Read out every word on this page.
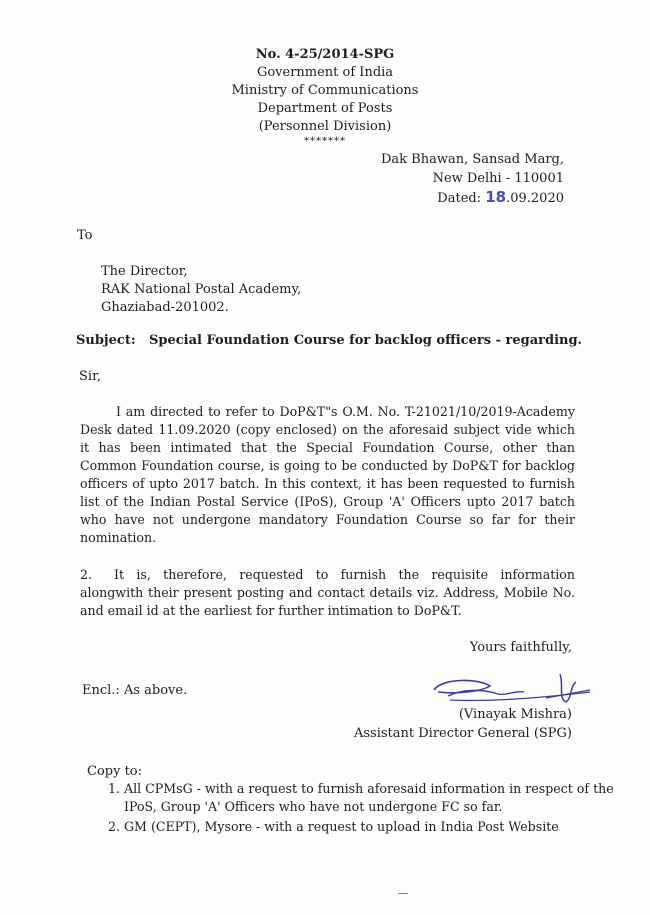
No. 4-25/2014-SPG
Government of India
Ministry of Communications
Department of Posts
(Personnel Division)
*******
Dak Bhawan, Sansad Marg,
New Delhi - 110001
Dated: 18.09.2020
To
The Director,
RAK National Postal Academy,
Ghaziabad-201002.
Subject: Special Foundation Course for backlog officers - regarding.
Sir,

I am directed to refer to DoP&T"s O.M. No. T-21021/10/2019-Academy Desk dated 11.09.2020 (copy enclosed) on the aforesaid subject vide which it has been intimated that the Special Foundation Course, other than Common Foundation course, is going to be conducted by DoP&T for backlog officers of upto 2017 batch. In this context, it has been requested to furnish list of the Indian Postal Service (IPoS), Group 'A' Officers upto 2017 batch who have not undergone mandatory Foundation Course so far for their nomination.

2. It is, therefore, requested to furnish the requisite information alongwith their present posting and contact details viz. Address, Mobile No. and email id at the earliest for further intimation to DoP&T.

Yours faithfully,
Encl.: As above.
(Vinayak Mishra)
Assistant Director General (SPG)
Copy to:
1. All CPMsG - with a request to furnish aforesaid information in respect of the IPoS, Group 'A' Officers who have not undergone FC so far.
2. GM (CEPT), Mysore - with a request to upload in India Post Website
